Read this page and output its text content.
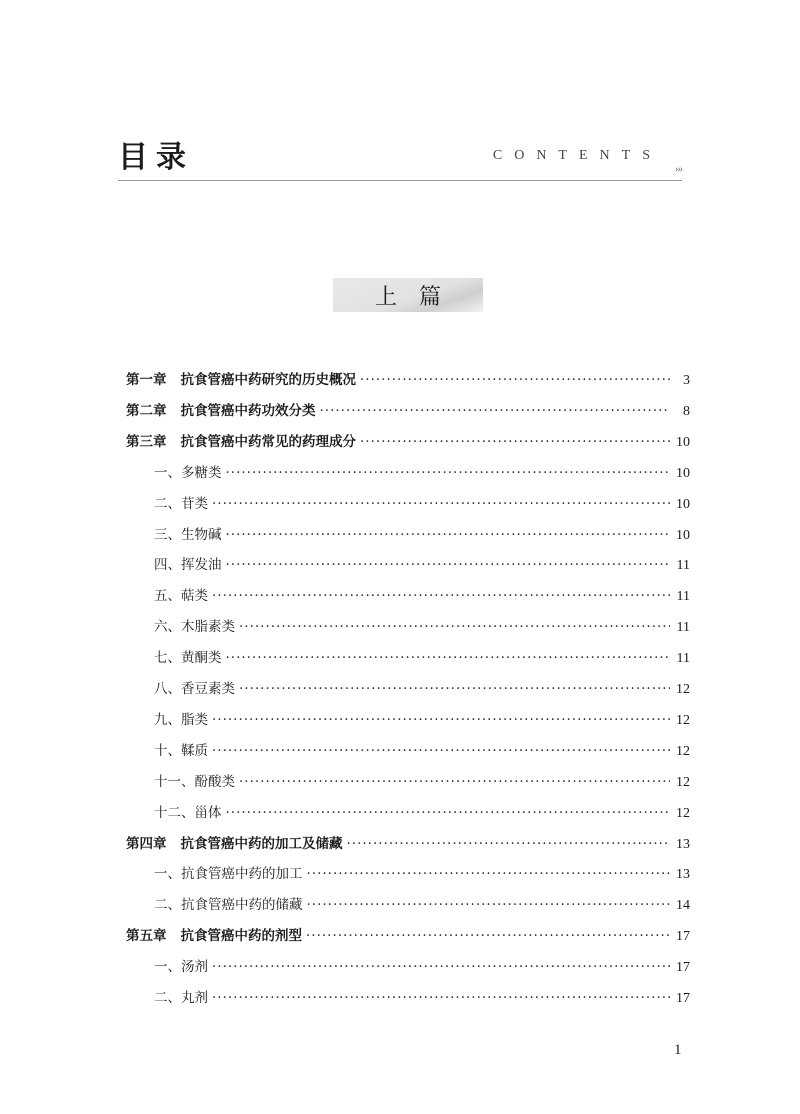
目录	CONTENTS
›››
上篇
第一章 抗食管癌中药研究的历史概况 ·····	3
第二章 抗食管癌中药功效分类 ·····	8
第三章 抗食管癌中药常见的药理成分 ·····	10
一、多糖类 ·····	10
二、苷类 ·····	10
三、生物碱 ·····	10
四、挥发油 ·····	11
五、萜类 ·····	11
六、木脂素类 ·····	11
七、黄酮类 ·····	11
八、香豆素类 ·····	12
九、脂类 ·····	12
十、鞣质 ·····	12
十一、酚酸类 ·····	12
十二、甾体 ·····	12
第四章 抗食管癌中药的加工及储藏 ·····	13
一、抗食管癌中药的加工 ·····	13
二、抗食管癌中药的储藏 ·····	14
第五章 抗食管癌中药的剂型 ·····	17
一、汤剂 ·····	17
二、丸剂 ·····	17
1
